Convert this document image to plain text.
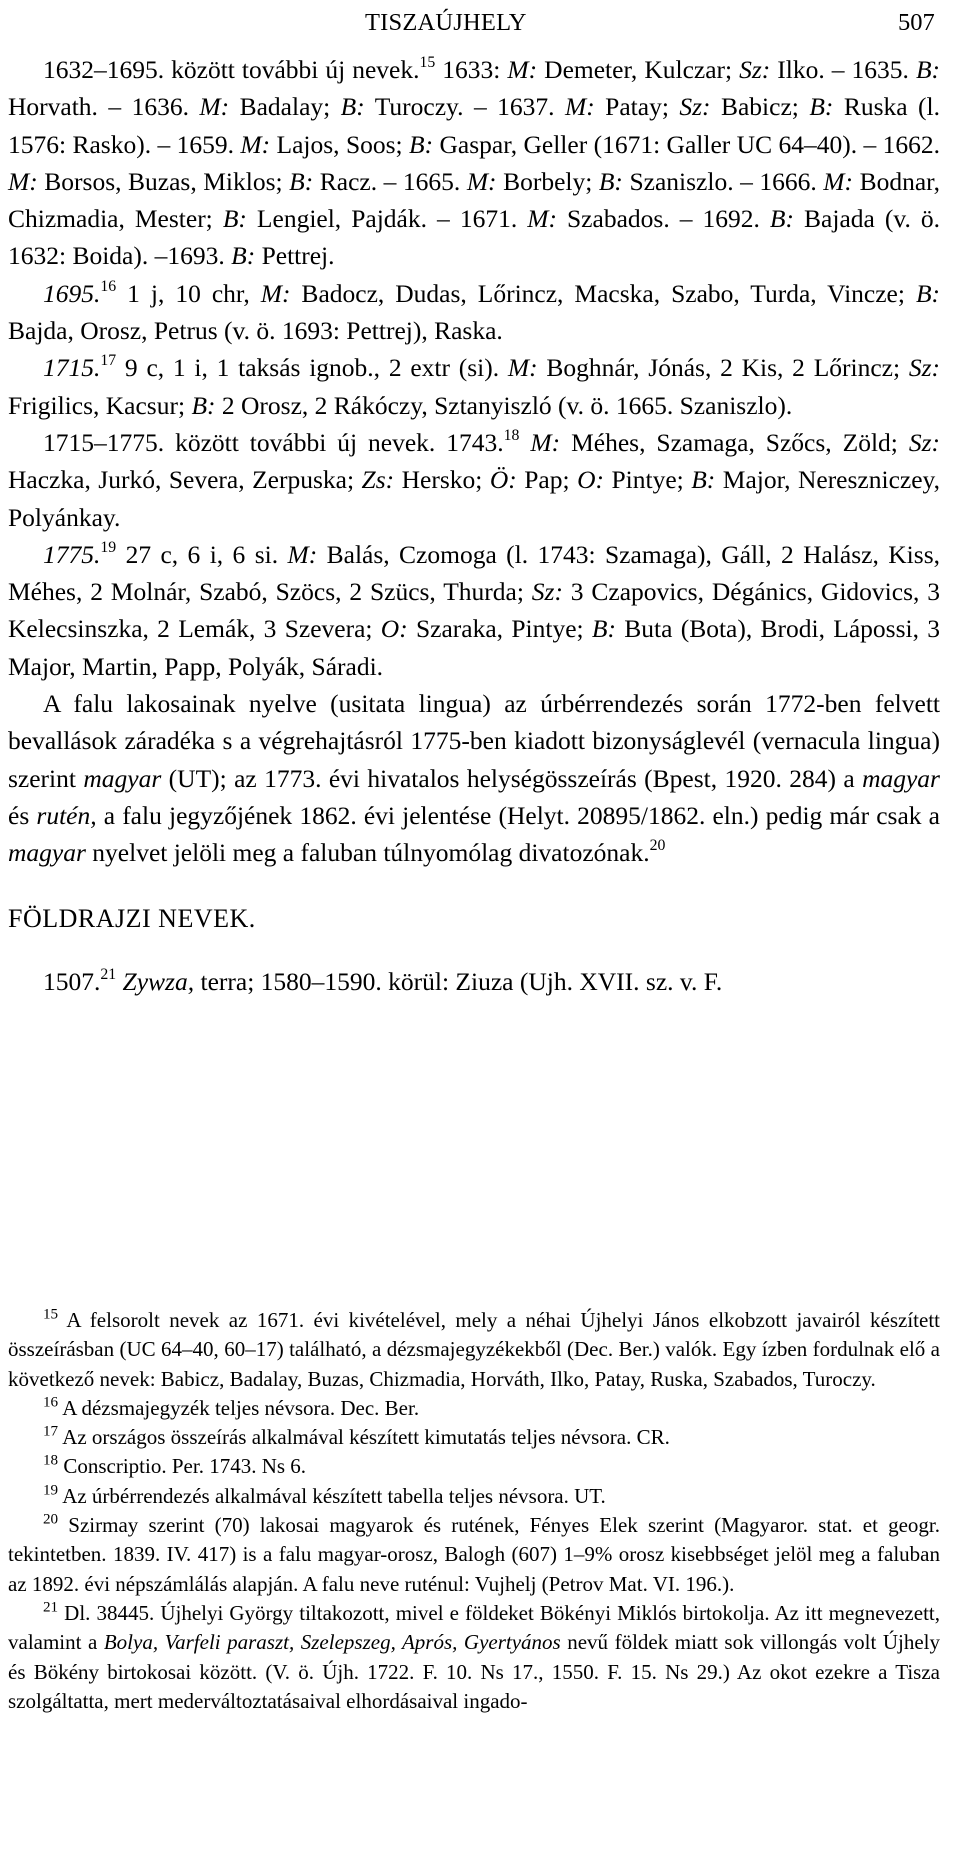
TISZAÚJHELY	507

1632–1695. között további új nevek.$^{15}$ 1633: M: Demeter, Kulczar; Sz: Ilko. – 1635. B: Horvath. – 1636. M: Badalay; B: Turoczy. – 1637. M: Patay; Sz: Babicz; B: Ruska (l. 1576: Rasko). – 1659. M: Lajos, Soos; B: Gaspar, Geller (1671: Galler UC 64–40). – 1662. M: Borsos, Buzas, Miklos; B: Racz. – 1665. M: Borbely; B: Szaniszlo. – 1666. M: Bodnar, Chizmadia, Mester; B: Lengiel, Pajdák. – 1671. M: Szabados. – 1692. B: Bajada (v. ö. 1632: Boida). –1693. B: Pettrej.

1695.16 1 j, 10 chr, M: Badocz, Dudas, Lőrincz, Macska, Szabo, Turda, Vincze; B: Bajda, Orosz, Petrus (v. ö. 1693: Pettrej), Raska.

1715.17 9 c, 1 i, 1 taksás ignob., 2 extr (si). M: Boghnár, Jónás, 2 Kis, 2 Lőrincz; Sz: Frigilics, Kacsur; B: 2 Orosz, 2 Rákóczy, Sztanyiszló (v. ö. 1665. Szaniszlo).

1715–1775. között további új nevek. 1743.18 M: Méhes, Szamaga, Szőcs, Zöld; Sz: Haczka, Jurkó, Severa, Zerpuska; Zs: Hersko; Ö: Pap; O: Pintye; B: Major, Nereszniczey, Polyánkay.

1775.19 27 c, 6 i, 6 si. M: Balás, Czomoga (l. 1743: Szamaga), Gáll, 2 Halász, Kiss, Méhes, 2 Molnár, Szabó, Szöcs, 2 Szücs, Thurda; Sz: 3 Czapovics, Dégánics, Gidovics, 3 Kelecsinszka, 2 Lemák, 3 Szevera; O: Szaraka, Pintye; B: Buta (Bota), Brodi, Lápossi, 3 Major, Martin, Papp, Polyák, Sáradi.

A falu lakosainak nyelve (usitata lingua) az úrbérrendezés során 1772-ben felvett bevallások záradéka s a végrehajtásról 1775-ben kiadott bizonyságlevél (vernacula lingua) szerint magyar (UT); az 1773. évi hivatalos helységösszeírás (Bpest, 1920. 284) a magyar és rutén, a falu jegyzőjének 1862. évi jelentése (Helyt. 20895/1862. eln.) pedig már csak a magyar nyelvet jelöli meg a faluban túlnyomólag divatozónak.$^{20}$

FÖLDRAJZI NEVEK.

1507.21 Zywza, terra; 1580–1590. körül: Ziuza (Ujh. XVII. sz. v. F.

$^{15}$ A felsorolt nevek az 1671. évi kivételével, mely a néhai Újhelyi János elkobzott javairól készített összeírásban (UC 64–40, 60–17) található, a dézsmajegyzékekből (Dec. Ber.) valók. Egy ízben fordulnak elő a következő nevek: Babicz, Badalay, Buzas, Chizmadia, Horváth, Ilko, Patay, Ruska, Szabados, Turoczy.

$^{16}$ A dézsmajegyzék teljes névsora. Dec. Ber.

$^{17}$ Az országos összeírás alkalmával készített kimutatás teljes névsora. CR.

$^{18}$ Conscriptio. Per. 1743. Ns 6.

$^{19}$ Az úrbérrendezés alkalmával készített tabella teljes névsora. UT.

$^{20}$ Szirmay szerint (70) lakosai magyarok és rutének, Fényes Elek szerint (Magyaror. stat. et geogr. tekintetben. 1839. IV. 417) is a falu magyar-orosz, Balogh (607) 1–9% orosz kisebbséget jelöl meg a faluban az 1892. évi népszámlálás alapján. A falu neve ruténul: Vujhelj (Petrov Mat. VI. 196.).

$^{21}$ Dl. 38445. Újhelyi György tiltakozott, mivel e földeket Bökényi Miklós birtokolja. Az itt megnevezett, valamint a Bolya, Varfeli paraszt, Szelepszeg, Aprós, Gyertyános nevű földek miatt sok villongás volt Újhely és Bökény birtokosai között. (V. ö. Újh. 1722. F. 10. Ns 17., 1550. F. 15. Ns 29.) Az okot ezekre a Tisza szolgáltatta, mert mederváltoztatásaival elhordásaival ingado-
